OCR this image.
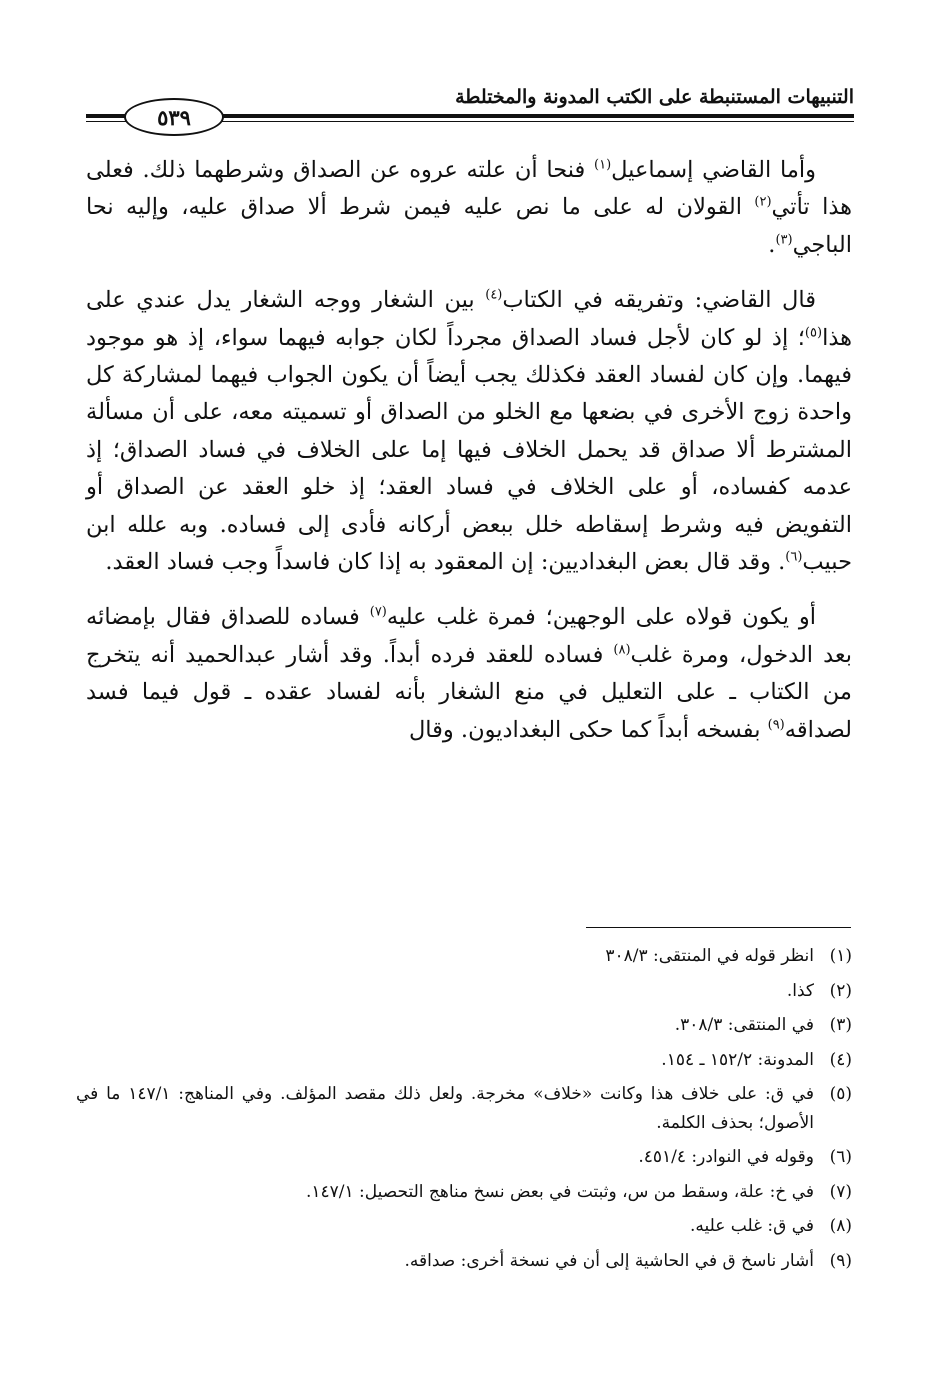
التنبيهات المستنبطة على الكتب المدونة والمختلطة
٥٣٩

وأما القاضي إسماعيل$^{(١)}$ فنحا أن علته عروه عن الصداق وشرطهما ذلك. فعلى هذا تأتي$^{(٢)}$ القولان له على ما نص عليه فيمن شرط ألا صداق عليه، وإليه نحا الباجي$^{(٣)}$.

قال القاضي: وتفريقه في الكتاب$^{(٤)}$ بين الشغار ووجه الشغار يدل عندي على هذا$^{(٥)}$؛ إذ لو كان لأجل فساد الصداق مجرداً لكان جوابه فيهما سواء، إذ هو موجود فيهما. وإن كان لفساد العقد فكذلك يجب أيضاً أن يكون الجواب فيهما لمشاركة كل واحدة زوج الأخرى في بضعها مع الخلو من الصداق أو تسميته معه، على أن مسألة المشترط ألا صداق قد يحمل الخلاف فيها إما على الخلاف في فساد الصداق؛ إذ عدمه كفساده، أو على الخلاف في فساد العقد؛ إذ خلو العقد عن الصداق أو التفويض فيه وشرط إسقاطه خلل ببعض أركانه فأدى إلى فساده. وبه علله ابن حبيب$^{(٦)}$. وقد قال بعض البغداديين: إن المعقود به إذا كان فاسداً وجب فساد العقد.

أو يكون قولاه على الوجهين؛ فمرة غلب عليه$^{(٧)}$ فساده للصداق فقال بإمضائه بعد الدخول، ومرة غلب$^{(٨)}$ فساده للعقد فرده أبداً. وقد أشار عبدالحميد أنه يتخرج من الكتاب ـ على التعليل في منع الشغار بأنه لفساد عقده ـ قول فيما فسد لصداقه$^{(٩)}$ بفسخه أبداً كما حكى البغداديون. وقال

(١)
انظر قوله في المنتقى: ٣٠٨/٣
(٢)
كذا.
(٣)
في المنتقى: ٣٠٨/٣.
(٤)
المدونة: ١٥٢/٢ ـ ١٥٤.
(٥)
في ق: على خلاف هذا وكانت «خلاف» مخرجة. ولعل ذلك مقصد المؤلف. وفي المناهج: ١٤٧/١ ما في الأصول؛ بحذف الكلمة.
(٦)
وقوله في النوادر: ٤٥١/٤.
(٧)
في خ: علة، وسقط من س، وثبتت في بعض نسخ مناهج التحصيل: ١٤٧/١.
(٨)
في ق: غلب عليه.
(٩)
أشار ناسخ ق في الحاشية إلى أن في نسخة أخرى: صداقه.
